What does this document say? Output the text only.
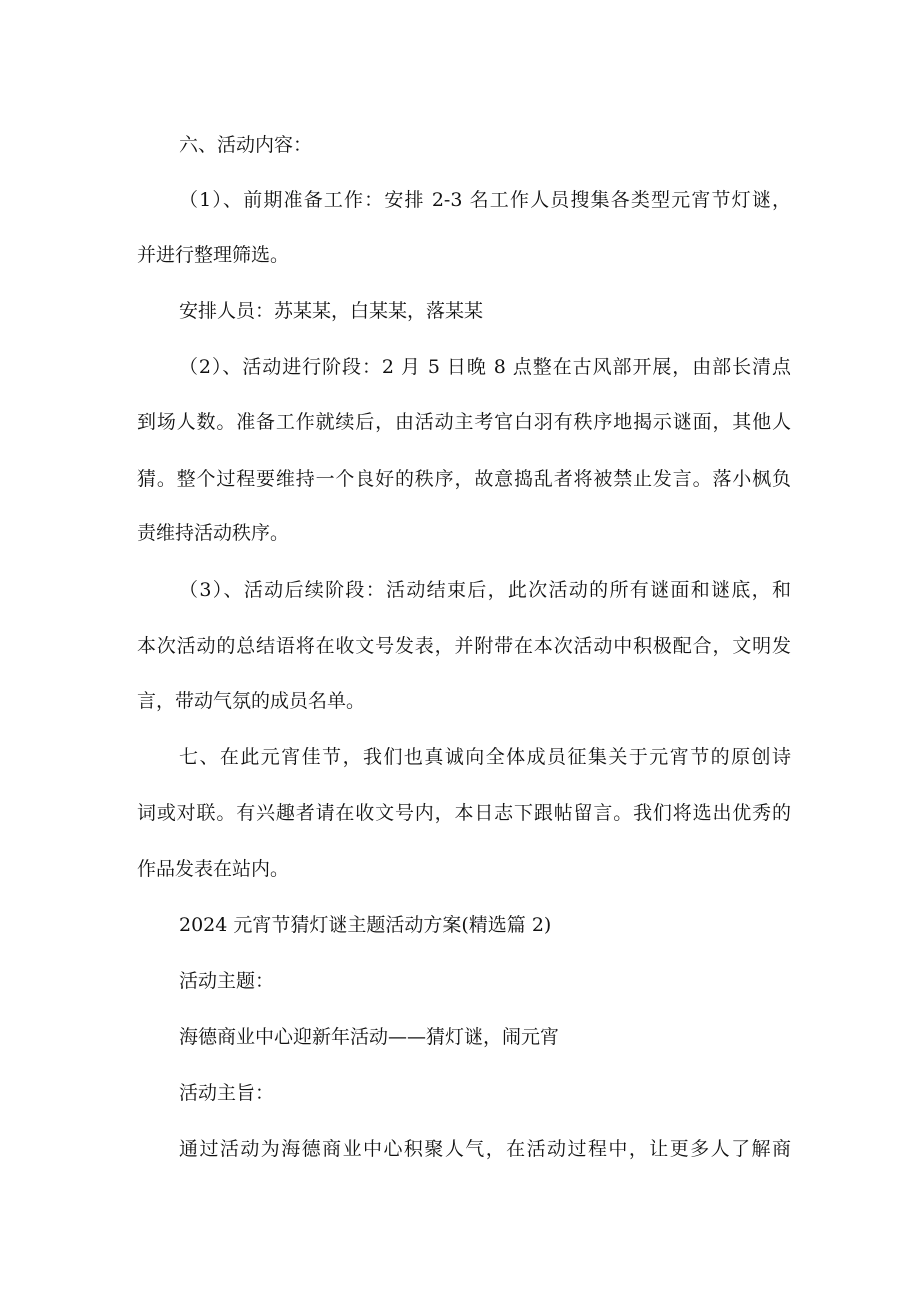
六、活动内容：
（1）、前期准备工作：安排 2-3 名工作人员搜集各类型元宵节灯谜，
并进行整理筛选。
安排人员：苏某某，白某某，落某某
（2）、活动进行阶段：2 月 5 日晚 8 点整在古风部开展，由部长清点
到场人数。准备工作就续后，由活动主考官白羽有秩序地揭示谜面，其他人
猜。整个过程要维持一个良好的秩序，故意捣乱者将被禁止发言。落小枫负
责维持活动秩序。
（3）、活动后续阶段：活动结束后，此次活动的所有谜面和谜底，和
本次活动的总结语将在收文号发表，并附带在本次活动中积极配合，文明发
言，带动气氛的成员名单。
七、在此元宵佳节，我们也真诚向全体成员征集关于元宵节的原创诗
词或对联。有兴趣者请在收文号内，本日志下跟帖留言。我们将选出优秀的
作品发表在站内。
2024 元宵节猜灯谜主题活动方案(精选篇 2)
活动主题：
海德商业中心迎新年活动——猜灯谜，闹元宵
活动主旨：
通过活动为海德商业中心积聚人气，在活动过程中，让更多人了解商
